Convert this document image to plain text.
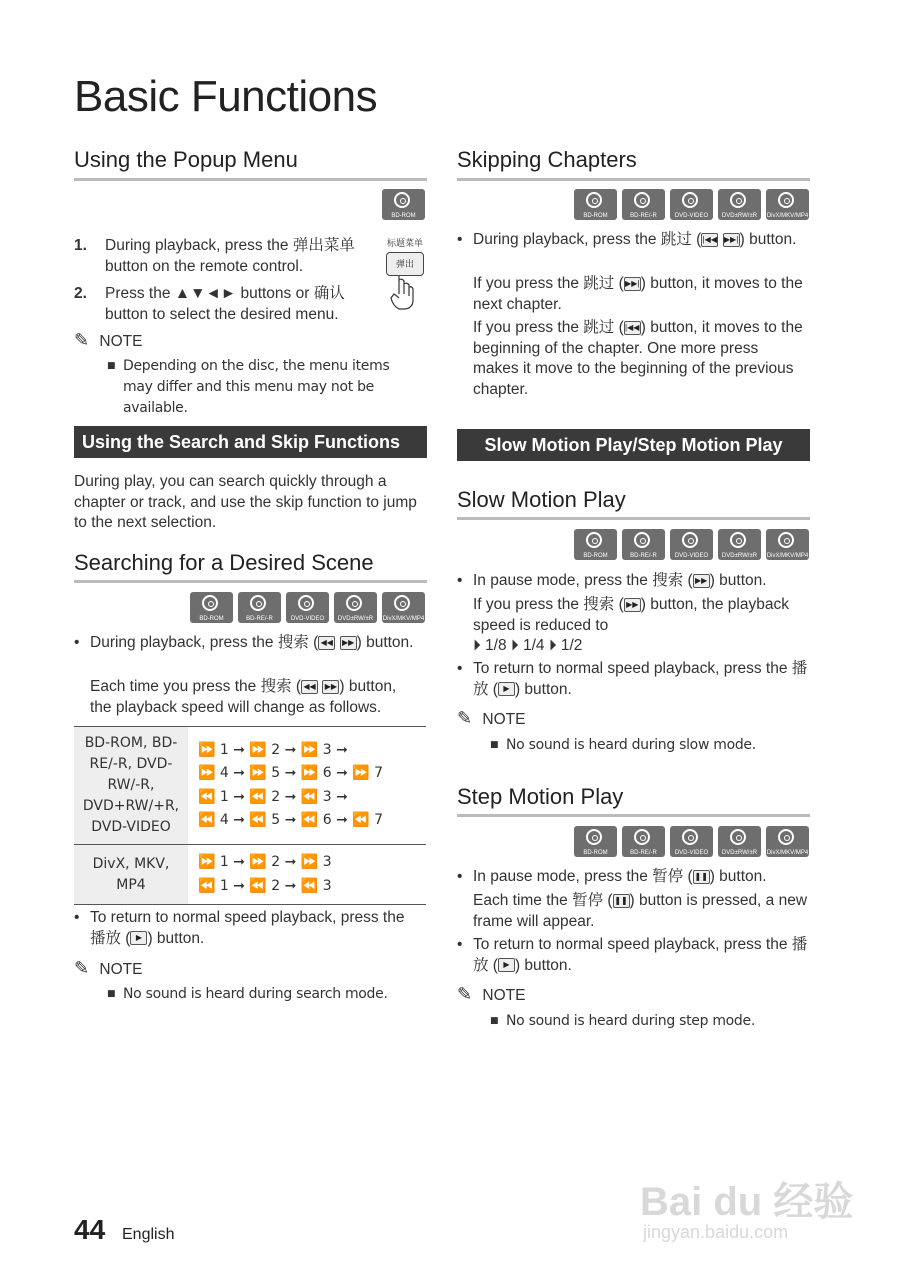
Basic Functions
Using the Popup Menu
BD-ROM
标题菜单
弹出
1. During playback, press the 弹出菜单 button on the remote control.
2. Press the ▲▼◄► buttons or 确认 button to select the desired menu.
✎ NOTE
■ Depending on the disc, the menu items may differ and this menu may not be available.
Using the Search and Skip Functions
During play, you can search quickly through a chapter or track, and use the skip function to jump to the next selection.
Searching for a Desired Scene
BD-ROM	BD-RE/-R	DVD-VIDEO	DVD±RW/±R	DivX/MKV/MP4
• During playback, press the 搜索 ( ◀◀ ▶▶ ) button.
Each time you press the 搜索 ( ◀◀ ▶▶ ) button, the playback speed will change as follows.
BD-ROM, BD-RE/-R, DVD-RW/-R, DVD+RW/+R, DVD-VIDEO	⏩ 1 ➞ ⏩ 2 ➞ ⏩ 3 ➞
⏩ 4 ➞ ⏩ 5 ➞ ⏩ 6 ➞ ⏩ 7
⏪ 1 ➞ ⏪ 2 ➞ ⏪ 3 ➞
⏪ 4 ➞ ⏪ 5 ➞ ⏪ 6 ➞ ⏪ 7

DivX, MKV, MP4	⏩ 1 ➞ ⏩ 2 ➞ ⏩ 3
⏪ 1 ➞ ⏪ 2 ➞ ⏪ 3
• To return to normal speed playback, press the 播放 ( ▶ ) button.
✎ NOTE
■ No sound is heard during search mode.
Skipping Chapters
BD-ROM	BD-RE/-R	DVD-VIDEO	DVD±RW/±R	DivX/MKV/MP4
• During playback, press the 跳过 (|◀◀ ▶▶|) button.
If you press the 跳过 (▶▶|) button, it moves to the next chapter.
If you press the 跳过 (|◀◀) button, it moves to the beginning of the chapter. One more press makes it move to the beginning of the previous chapter.
Slow Motion Play/Step Motion Play
Slow Motion Play
BD-ROM	BD-RE/-R	DVD-VIDEO	DVD±RW/±R	DivX/MKV/MP4
• In pause mode, press the 搜索 ( ▶▶ ) button.
If you press the 搜索 ( ▶▶ ) button, the playback speed is reduced to
⏵ 1/8 ⏵ 1/4 ⏵ 1/2
• To return to normal speed playback, press the 播放 ( ▶ ) button.
✎ NOTE
■ No sound is heard during slow mode.
Step Motion Play
BD-ROM	BD-RE/-R	DVD-VIDEO	DVD±RW/±R	DivX/MKV/MP4
• In pause mode, press the 暂停 ( ❚❚ ) button.
Each time the 暂停 ( ❚❚ ) button is pressed, a new frame will appear.
• To return to normal speed playback, press the 播放 ( ▶ ) button.
✎ NOTE
■ No sound is heard during step mode.
44 English
Bai du 经验
jingyan.baidu.com
